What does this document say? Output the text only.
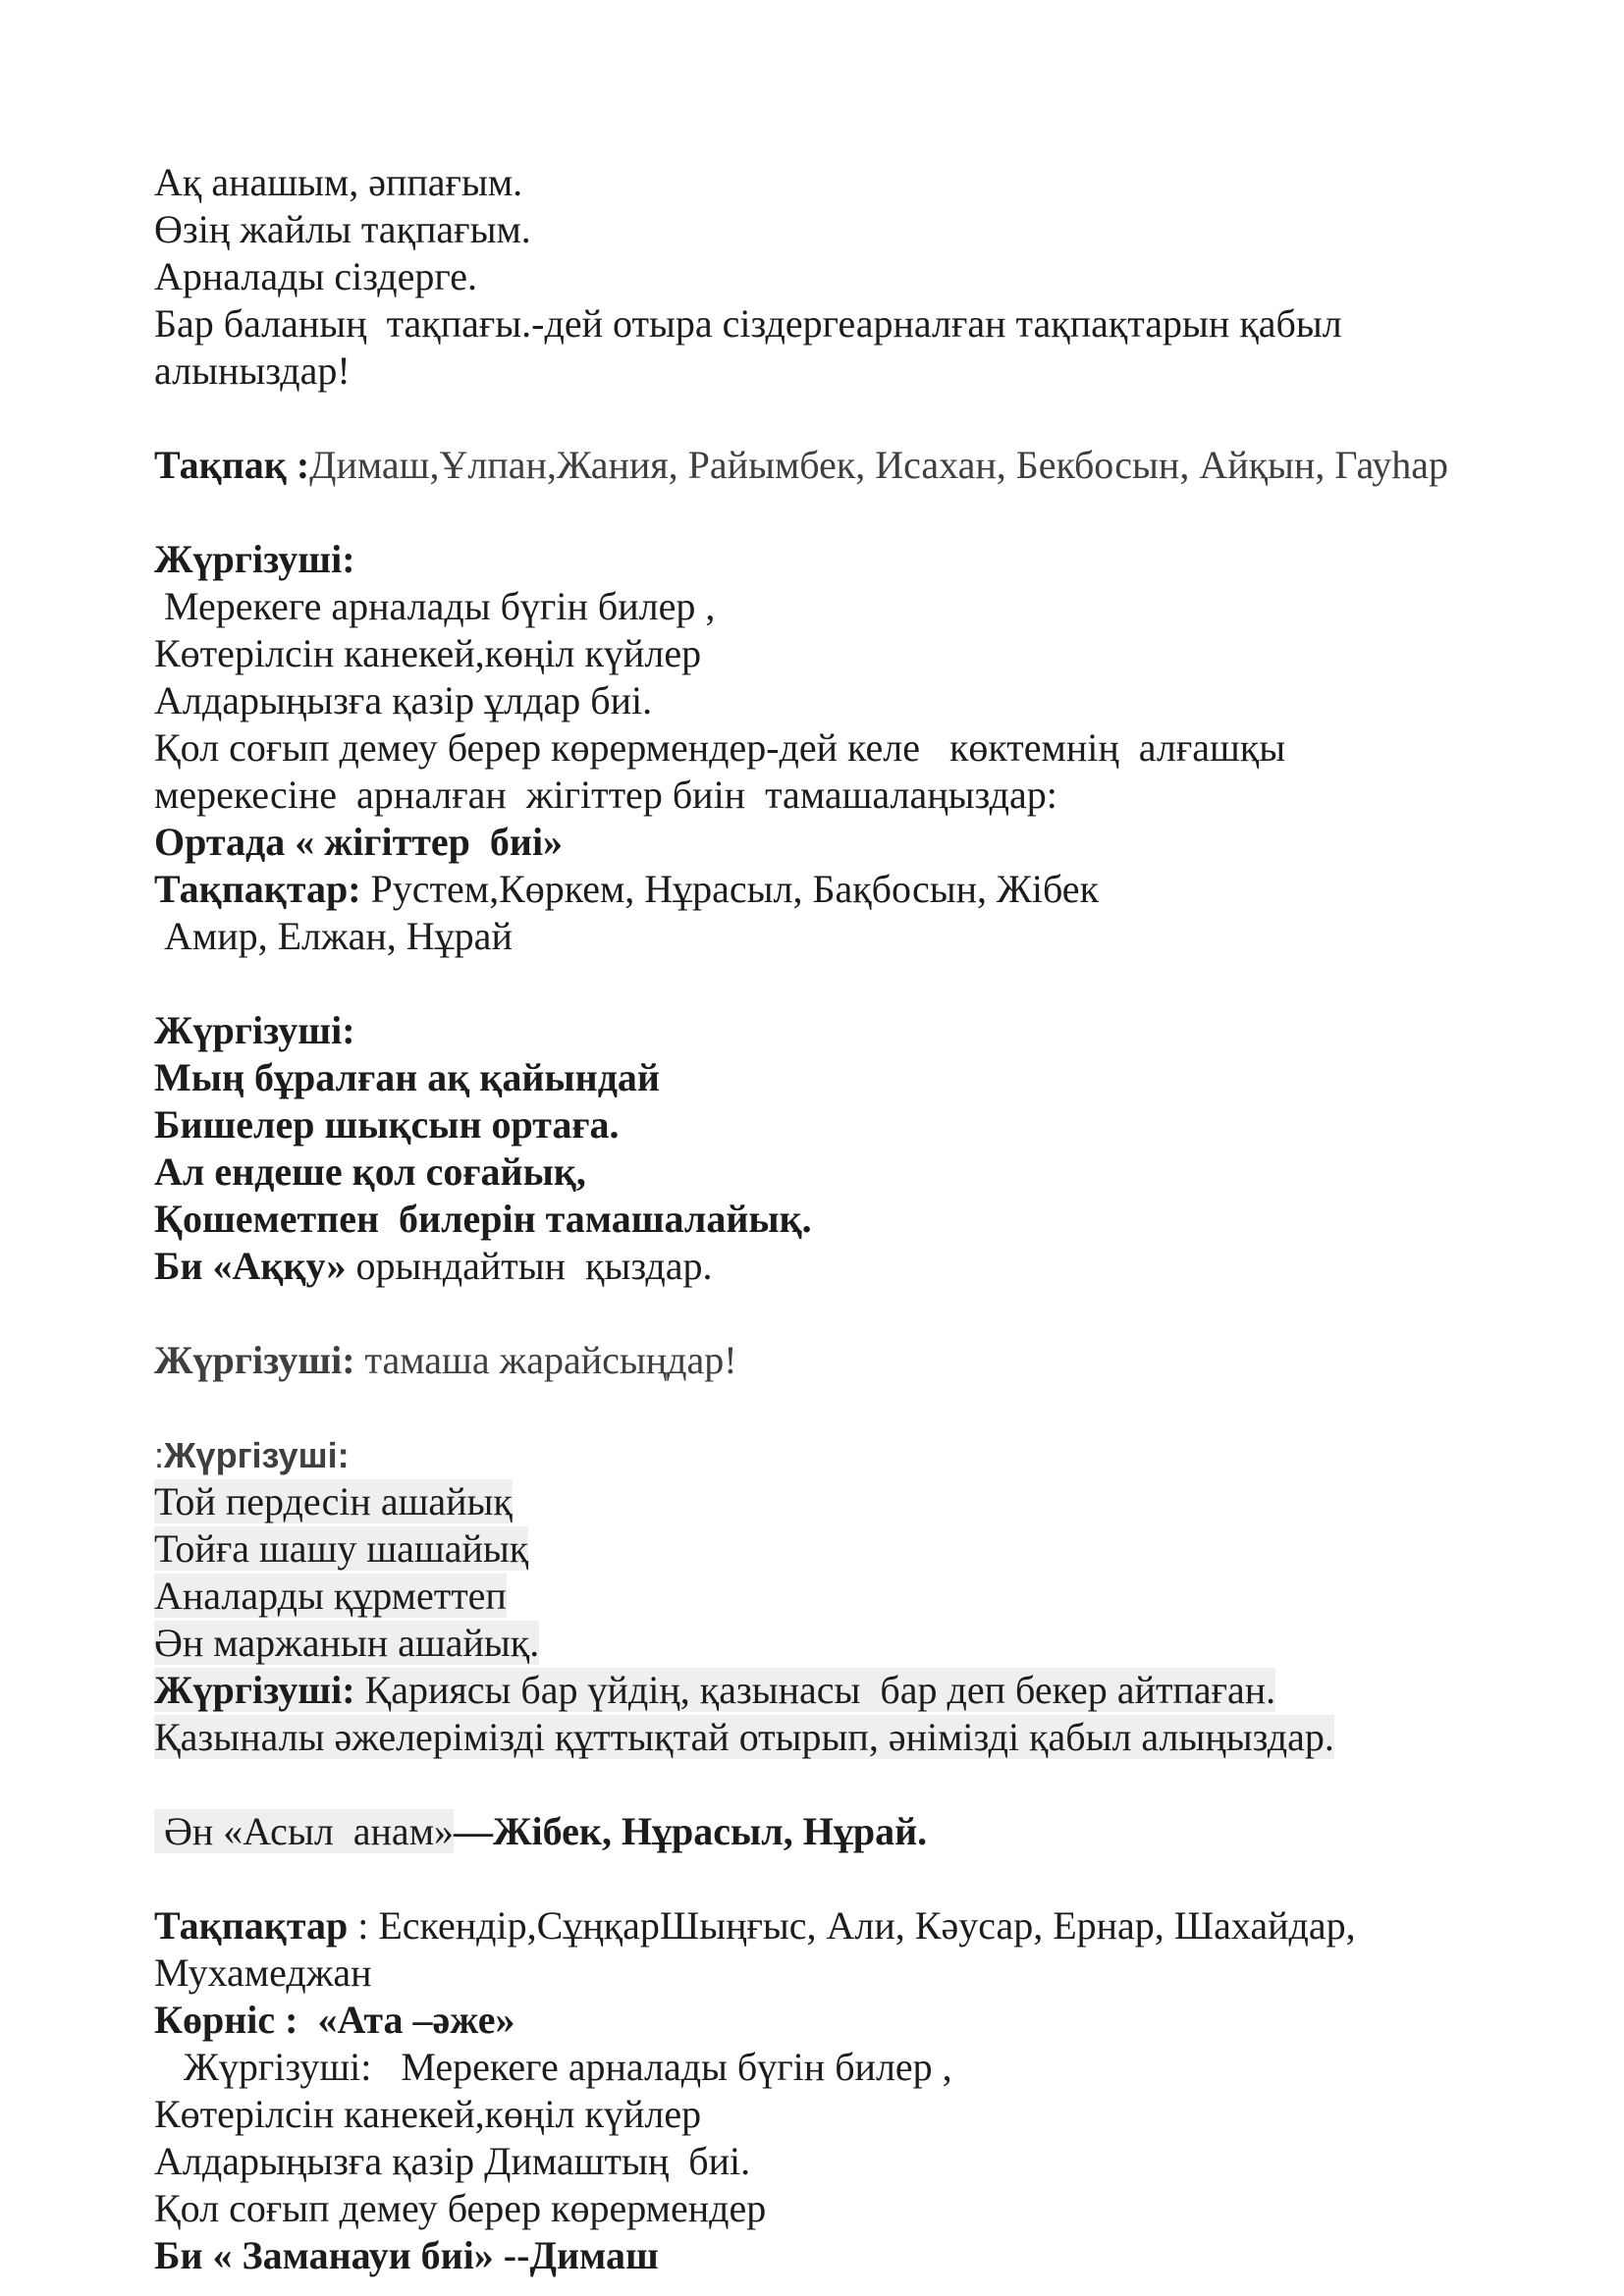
Ақ анашым, әппағым.
Өзің жайлы тақпағым.
Арналады сіздерге.
Бар баланың  тақпағы.-дей отыра сіздергеарналған тақпақтарын қабыл
алыныздар!
Тақпақ :Димаш,Ұлпан,Жания, Райымбек, Исахан, Бекбосын, Айқын, Гауһар
Жүргізуші:
Мерекеге арналады бүгін билер ,
Көтерілсін канекей,көңіл күйлер
Алдарыңызға қазір ұлдар биі.
Қол соғып демеу берер көрермендер-дей келе   көктемнің  алғашқы
мерекесіне  арналған  жігіттер биін  тамашалаңыздар:
Ортада « жігіттер  биі»
Тақпақтар: Рустем,Көркем, Нұрасыл, Бақбосын, Жібек
Амир, Елжан, Нұрай
Жүргізуші:
Мың бұралған ақ қайындай
Бишелер шықсын ортаға.
Ал ендеше қол соғайық,
Қошеметпен  билерін тамашалайық.
Би «Аққу» орындайтын  қыздар.
Жүргізуші: тамаша жарайсыңдар!
:Жүргізуші:
Той пердесін ашайық
Тойға шашу шашайық
Аналарды құрметтеп
Ән маржанын ашайық.
Жүргізуші: Қариясы бар үйдің, қазынасы  бар деп бекер айтпаған.
Қазыналы әжелерімізді құттықтай отырып, әнімізді қабыл алыңыздар.
Ән «Асыл  анам»—Жібек, Нұрасыл, Нұрай.
Тақпақтар : Ескендір,СұңқарШыңғыс, Али, Кәусар, Ернар, Шахайдар,
Мухамеджан
Көрніс :  «Ата –әже»
Жүргізуші:   Мерекеге арналады бүгін билер ,
Көтерілсін канекей,көңіл күйлер
Алдарыңызға қазір Димаштың  биі.
Қол соғып демеу берер көрермендер
Би « Заманауи биі» --Димаш
